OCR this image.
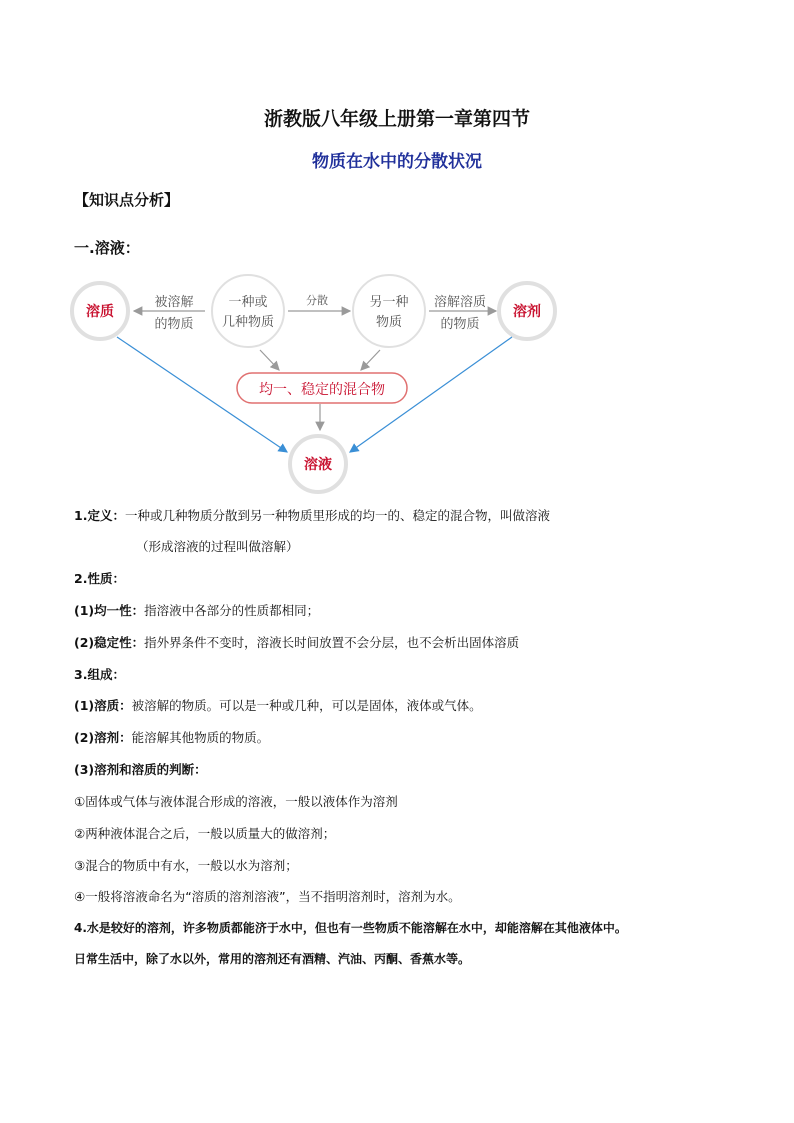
浙教版八年级上册第一章第四节
物质在水中的分散状况
【知识点分析】
一.溶液：
溶质
被溶解
的物质
一种或
几种物质
分散	另一种
物质
溶解溶质
的物质
溶剂
均一、稳定的混合物
溶液
1.定义：一种或几种物质分散到另一种物质里形成的均一的、稳定的混合物，叫做溶液
（形成溶液的过程叫做溶解）
2.性质：
(1)均一性：指溶液中各部分的性质都相同；
(2)稳定性：指外界条件不变时，溶液长时间放置不会分层，也不会析出固体溶质
3.组成：
(1)溶质：被溶解的物质。可以是一种或几种，可以是固体，液体或气体。
(2)溶剂：能溶解其他物质的物质。
(3)溶剂和溶质的判断：
①固体或气体与液体混合形成的溶液，一般以液体作为溶剂
②两种液体混合之后，一般以质量大的做溶剂；
③混合的物质中有水，一般以水为溶剂；
④一般将溶液命名为“溶质的溶剂溶液”，当不指明溶剂时，溶剂为水。
4.水是较好的溶剂，许多物质都能济于水中，但也有一些物质不能溶解在水中，却能溶解在其他液体中。
日常生活中，除了水以外，常用的溶剂还有酒精、汽油、丙酮、香蕉水等。
